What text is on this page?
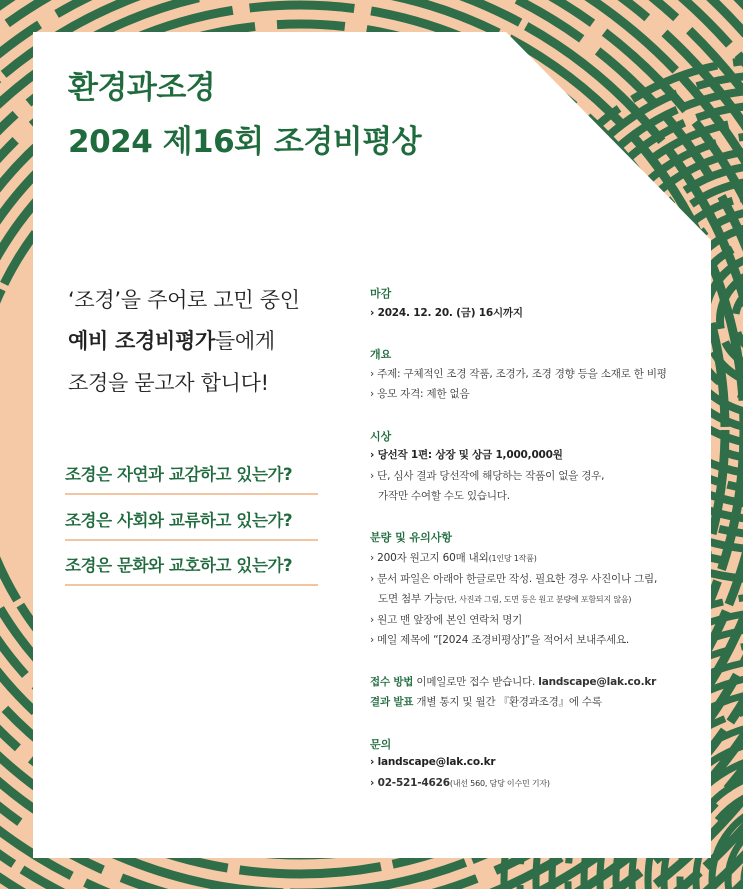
환경과조경
2024 제16회 조경비평상
‘조경’을 주어로 고민 중인
예비 조경비평가들에게
조경을 묻고자 합니다!
조경은 자연과 교감하고 있는가?
조경은 사회와 교류하고 있는가?
조경은 문화와 교호하고 있는가?
마감
› 2024. 12. 20. (금) 16시까지
개요
› 주제: 구체적인 조경 작품, 조경가, 조경 경향 등을 소재로 한 비평
› 응모 자격: 제한 없음
시상
› 당선작 1편: 상장 및 상금 1,000,000원
› 단, 심사 결과 당선작에 해당하는 작품이 없을 경우,
가작만 수여할 수도 있습니다.
분량 및 유의사항
› 200자 원고지 60매 내외(1인당 1작품)
› 문서 파일은 아래아 한글로만 작성. 필요한 경우 사진이나 그림,
도면 첨부 가능(단, 사진과 그림, 도면 등은 원고 분량에 포함되지 않음)
› 원고 맨 앞장에 본인 연락처 명기
› 메일 제목에 “[2024 조경비평상]”을 적어서 보내주세요.
접수 방법 이메일로만 접수 받습니다. landscape@lak.co.kr
결과 발표 개별 통지 및 월간 『환경과조경』에 수록
문의
› landscape@lak.co.kr
› 02-521-4626(내선 560, 담당 이수민 기자)
